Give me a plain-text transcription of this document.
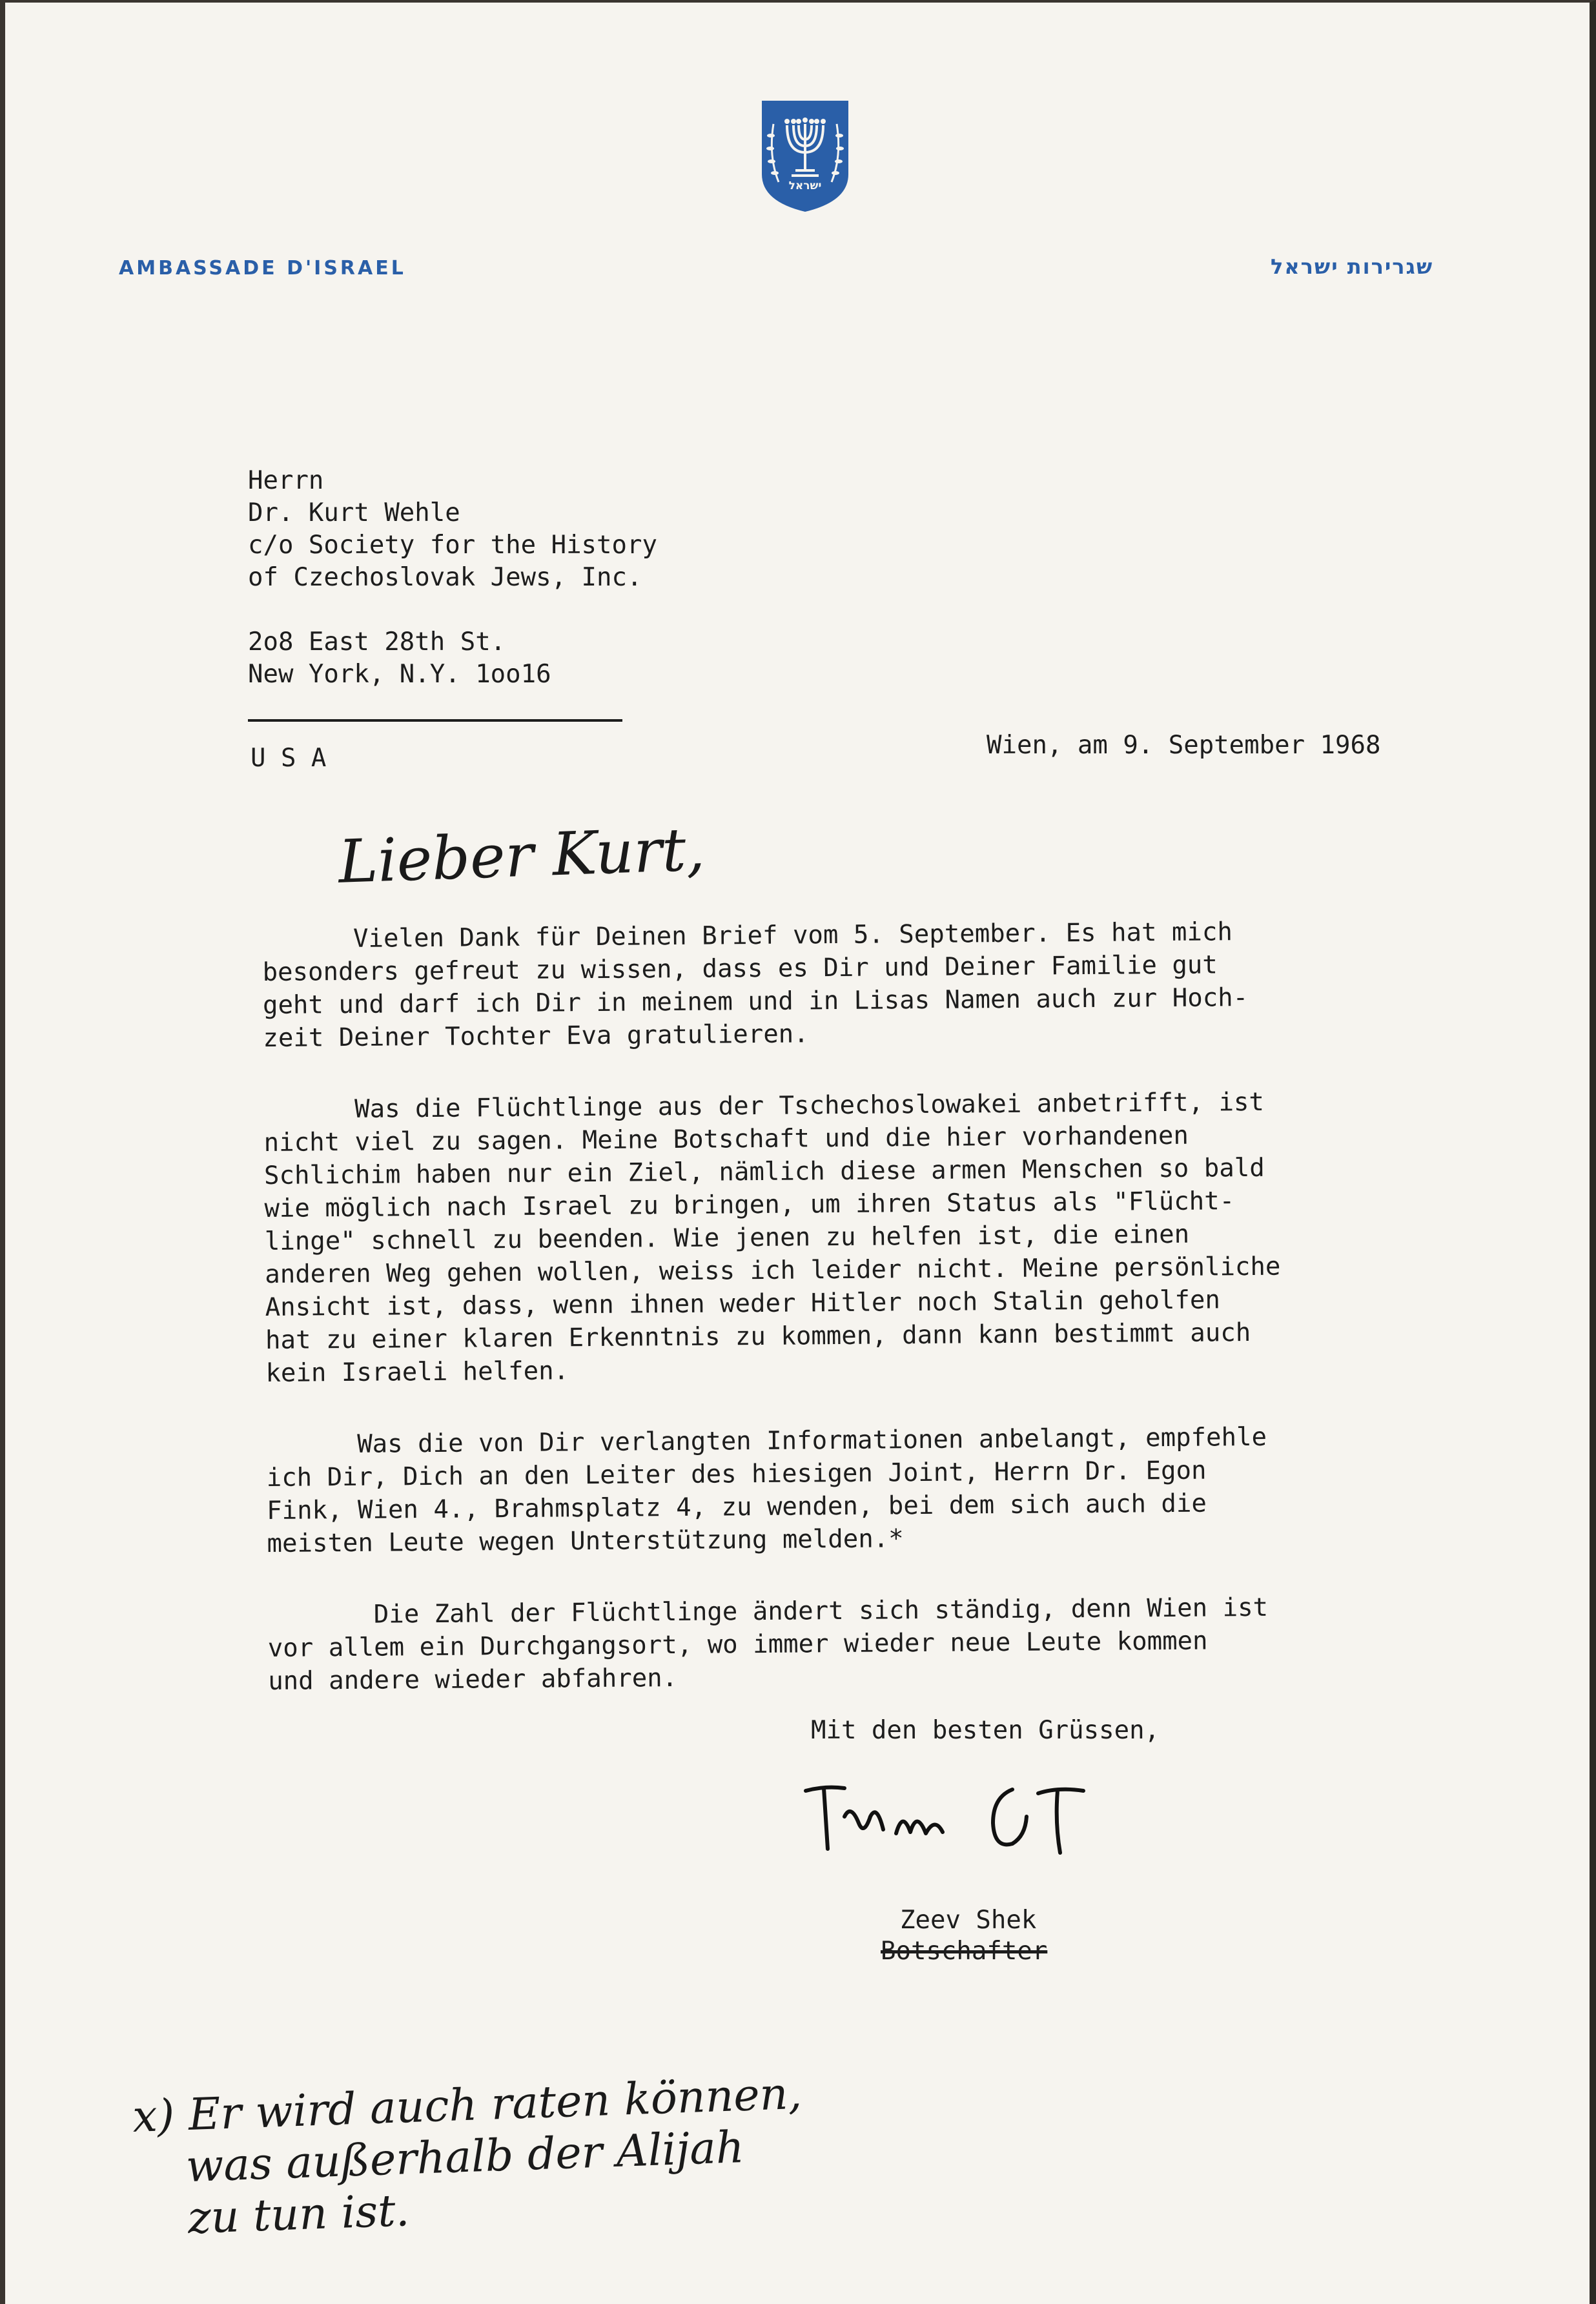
ישראל
AMBASSADE D'ISRAEL	שגרירות ישראל
Herrn
Dr. Kurt Wehle
c/o Society for the History
of Czechoslovak Jews, Inc.
2o8 East 28th St.
New York, N.Y. 1oo16
U S A	Wien, am 9. September 1968
Lieber Kurt,
Vielen Dank für Deinen Brief vom 5. September. Es hat mich
besonders gefreut zu wissen, dass es Dir und Deiner Familie gut
geht und darf ich Dir in meinem und in Lisas Namen auch zur Hoch-
zeit Deiner Tochter Eva gratulieren.
Was die Flüchtlinge aus der Tschechoslowakei anbetrifft, ist
nicht viel zu sagen. Meine Botschaft und die hier vorhandenen
Schlichim haben nur ein Ziel, nämlich diese armen Menschen so bald
wie möglich nach Israel zu bringen, um ihren Status als "Flücht-
linge" schnell zu beenden. Wie jenen zu helfen ist, die einen
anderen Weg gehen wollen, weiss ich leider nicht. Meine persönliche
Ansicht ist, dass, wenn ihnen weder Hitler noch Stalin geholfen
hat zu einer klaren Erkenntnis zu kommen, dann kann bestimmt auch
kein Israeli helfen.
Was die von Dir verlangten Informationen anbelangt, empfehle
ich Dir, Dich an den Leiter des hiesigen Joint, Herrn Dr. Egon
Fink, Wien 4., Brahmsplatz 4, zu wenden, bei dem sich auch die
meisten Leute wegen Unterstützung melden.*
Die Zahl der Flüchtlinge ändert sich ständig, denn Wien ist
vor allem ein Durchgangsort, wo immer wieder neue Leute kommen
und andere wieder abfahren.
Mit den besten Grüssen,
Zeev Shek
Botschafter
x) Er wird auch raten können,
was außerhalb der Alijah
zu tun ist.
